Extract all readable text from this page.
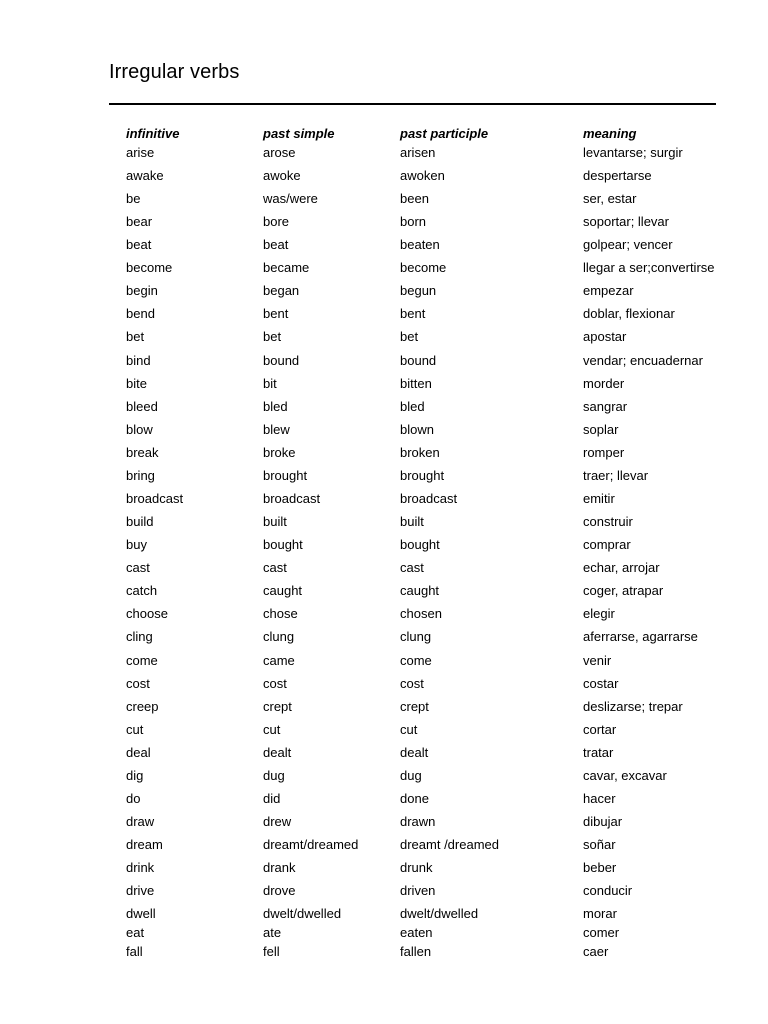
Irregular verbs
infinitive	past simple	past participle	meaning
arise	arose	arisen	levantarse; surgir
awake	awoke	awoken	despertarse
be	was/were	been	ser, estar
bear	bore	born	soportar; llevar
beat	beat	beaten	golpear; vencer
become	became	become	llegar a ser;convertirse
begin	began	begun	empezar
bend	bent	bent	doblar, flexionar
bet	bet	bet	apostar
bind	bound	bound	vendar; encuadernar
bite	bit	bitten	morder
bleed	bled	bled	sangrar
blow	blew	blown	soplar
break	broke	broken	romper
bring	brought	brought	traer; llevar
broadcast	broadcast	broadcast	emitir
build	built	built	construir
buy	bought	bought	comprar
cast	cast	cast	echar, arrojar
catch	caught	caught	coger, atrapar
choose	chose	chosen	elegir
cling	clung	clung	aferrarse, agarrarse
come	came	come	venir
cost	cost	cost	costar
creep	crept	crept	deslizarse; trepar
cut	cut	cut	cortar
deal	dealt	dealt	tratar
dig	dug	dug	cavar, excavar
do	did	done	hacer
draw	drew	drawn	dibujar
dream	dreamt/dreamed	dreamt /dreamed	soñar
drink	drank	drunk	beber
drive	drove	driven	conducir
dwell	dwelt/dwelled	dwelt/dwelled	morar
eat	ate	eaten	comer
fall	fell	fallen	caer
